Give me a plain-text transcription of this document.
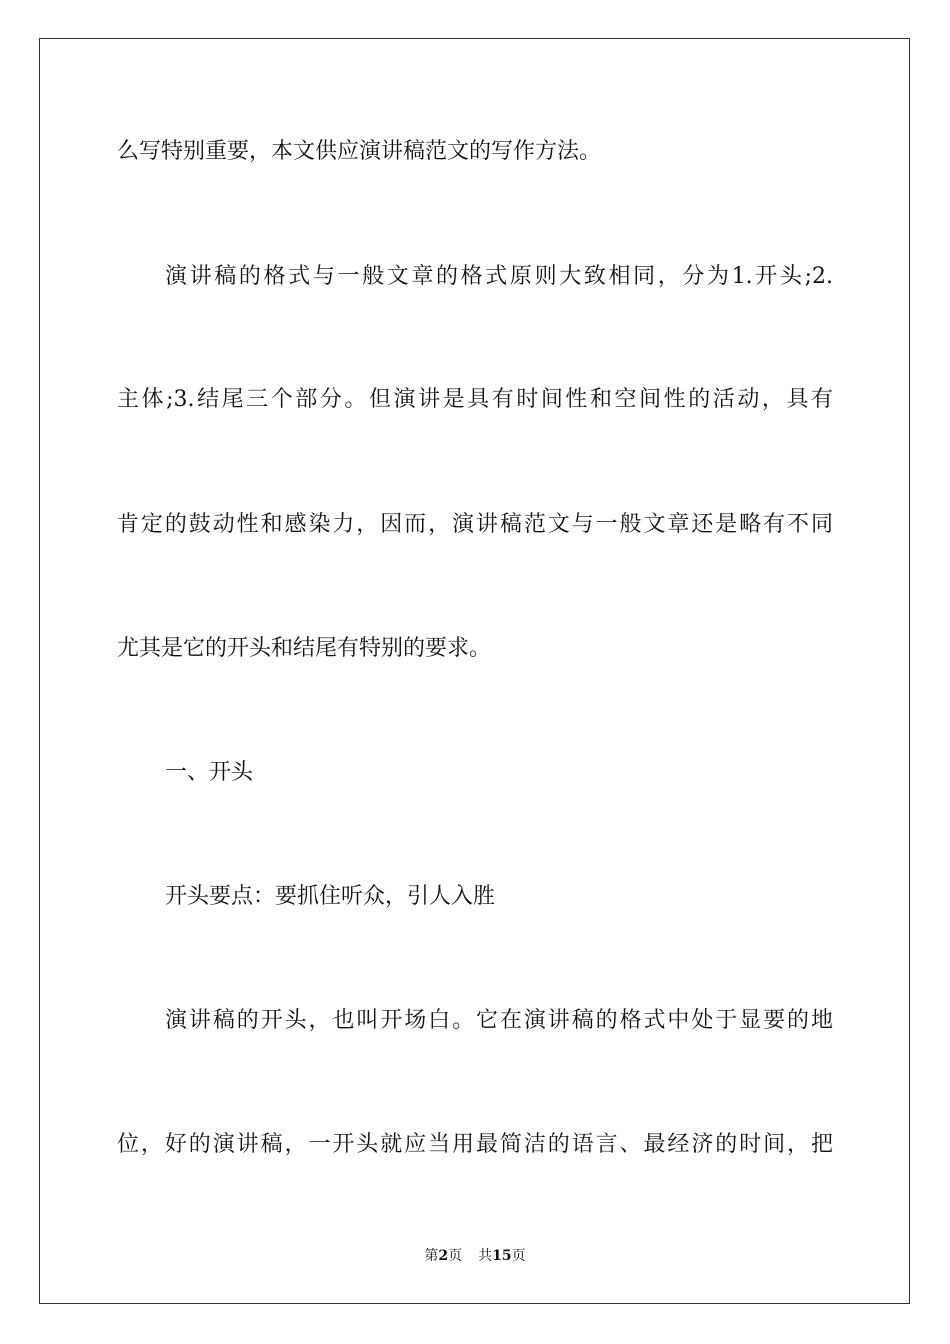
么写特别重要，本文供应演讲稿范文的写作方法。
演讲稿的格式与一般文章的格式原则大致相同，分为1.开头;2.
主体;3.结尾三个部分。但演讲是具有时间性和空间性的活动，具有
肯定的鼓动性和感染力，因而，演讲稿范文与一般文章还是略有不同
尤其是它的开头和结尾有特别的要求。
一、开头
开头要点：要抓住听众，引人入胜
演讲稿的开头，也叫开场白。它在演讲稿的格式中处于显要的地
位，好的演讲稿，一开头就应当用最简洁的语言、最经济的时间，把
第2页 共15页
